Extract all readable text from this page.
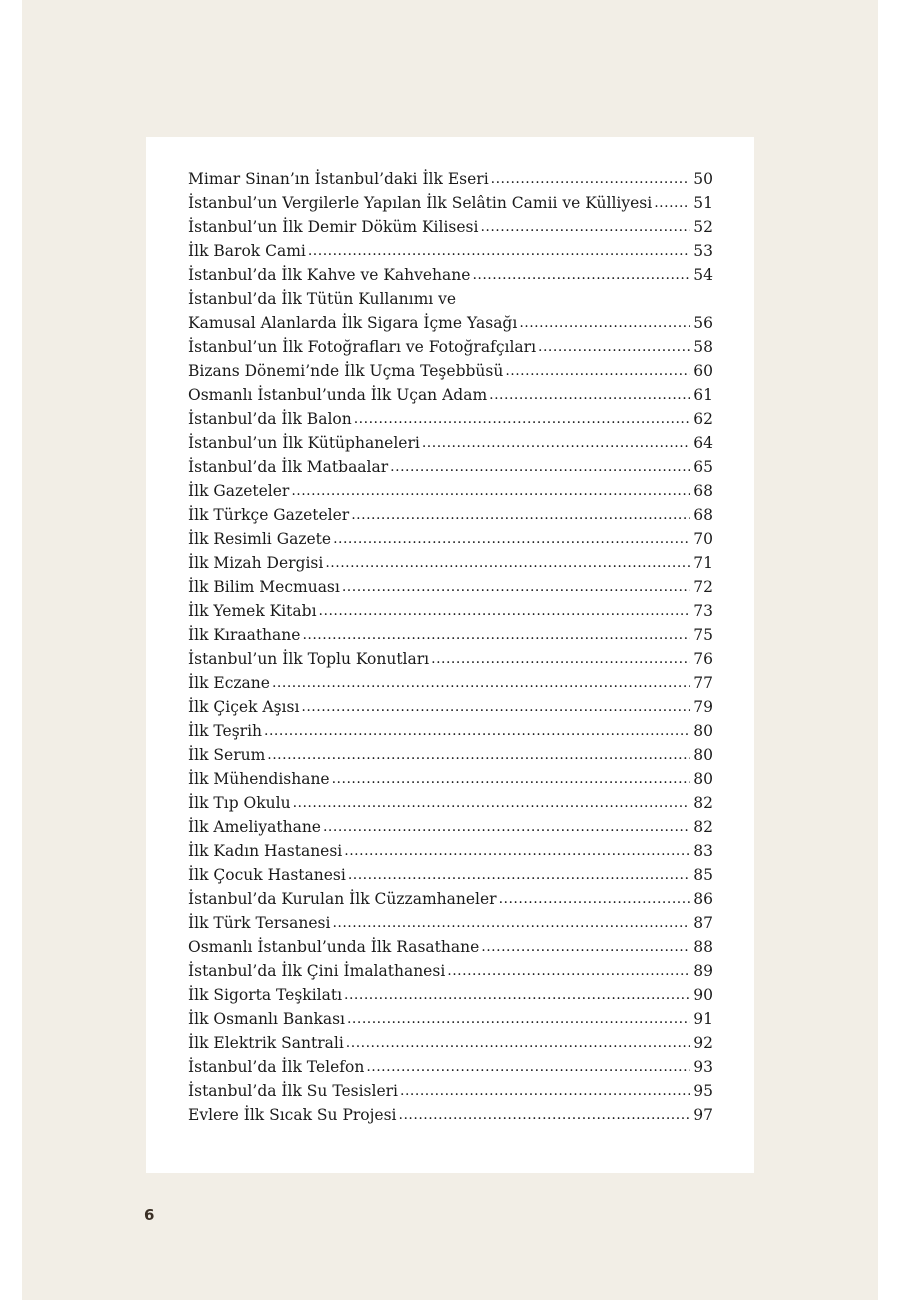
Mimar Sinan’ın İstanbul’daki İlk Eseri .....	50
İstanbul’un Vergilerle Yapılan İlk Selâtin Camii ve Külliyesi .....	51
İstanbul’un İlk Demir Döküm Kilisesi .....	52
İlk Barok Cami .....	53
İstanbul’da İlk Kahve ve Kahvehane .....	54
İstanbul’da İlk Tütün Kullanımı ve
Kamusal Alanlarda İlk Sigara İçme Yasağı .....	56
İstanbul’un İlk Fotoğrafları ve Fotoğrafçıları .....	58
Bizans Dönemi’nde İlk Uçma Teşebbüsü .....	60
Osmanlı İstanbul’unda İlk Uçan Adam .....	61
İstanbul’da İlk Balon .....	62
İstanbul’un İlk Kütüphaneleri .....	64
İstanbul’da İlk Matbaalar .....	65
İlk Gazeteler .....	68
İlk Türkçe Gazeteler .....	68
İlk Resimli Gazete .....	70
İlk Mizah Dergisi .....	71
İlk Bilim Mecmuası .....	72
İlk Yemek Kitabı .....	73
İlk Kıraathane .....	75
İstanbul’un İlk Toplu Konutları .....	76
İlk Eczane .....	77
İlk Çiçek Aşısı .....	79
İlk Teşrih .....	80
İlk Serum .....	80
İlk Mühendishane .....	80
İlk Tıp Okulu .....	82
İlk Ameliyathane .....	82
İlk Kadın Hastanesi .....	83
İlk Çocuk Hastanesi .....	85
İstanbul’da Kurulan İlk Cüzzamhaneler .....	86
İlk Türk Tersanesi .....	87
Osmanlı İstanbul’unda İlk Rasathane .....	88
İstanbul’da İlk Çini İmalathanesi .....	89
İlk Sigorta Teşkilatı .....	90
İlk Osmanlı Bankası .....	91
İlk Elektrik Santrali .....	92
İstanbul’da İlk Telefon .....	93
İstanbul’da İlk Su Tesisleri .....	95
Evlere İlk Sıcak Su Projesi .....	97
6
